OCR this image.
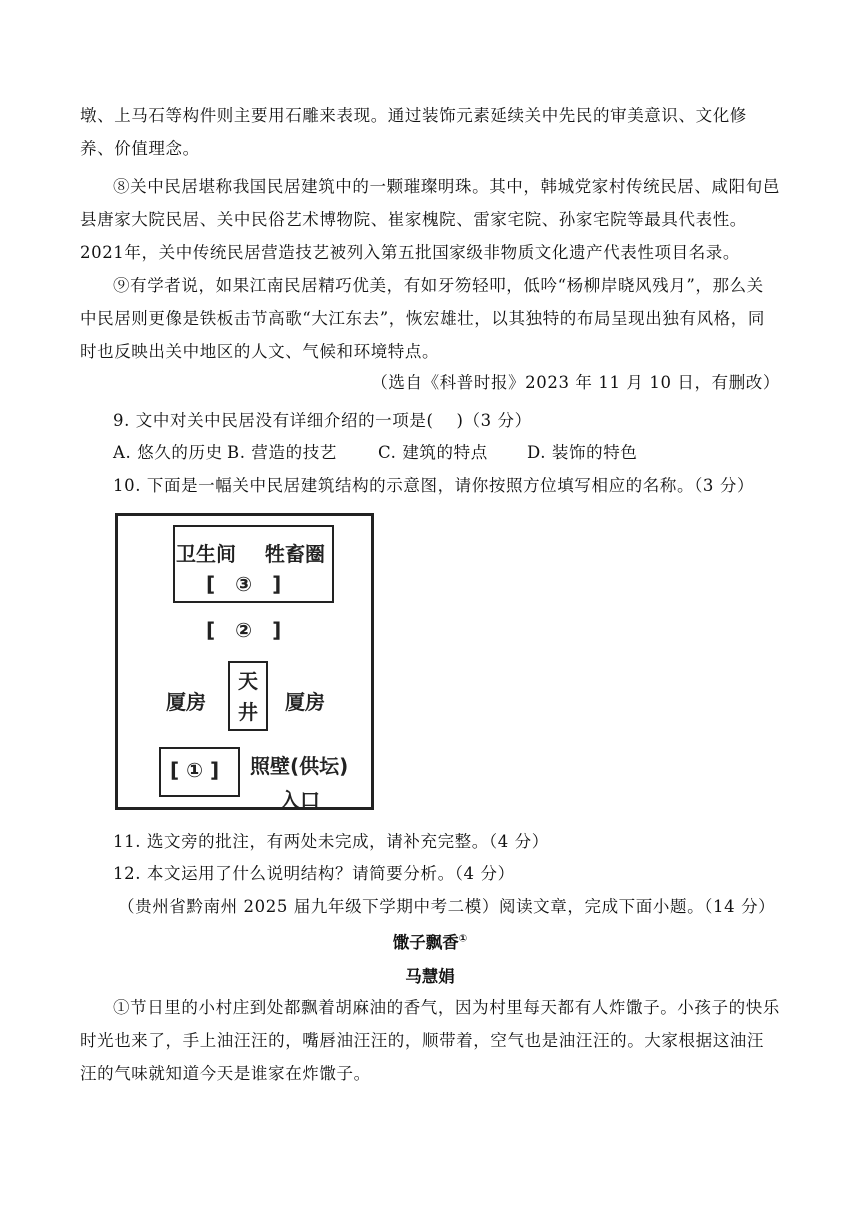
墩、上马石等构件则主要用石雕来表现。通过装饰元素延续关中先民的审美意识、文化修养、价值理念。

⑧关中民居堪称我国民居建筑中的一颗璀璨明珠。其中，韩城党家村传统民居、咸阳旬邑县唐家大院民居、关中民俗艺术博物院、崔家槐院、雷家宅院、孙家宅院等最具代表性。2021年，关中传统民居营造技艺被列入第五批国家级非物质文化遗产代表性项目名录。

⑨有学者说，如果江南民居精巧优美，有如牙笏轻叩，低吟“杨柳岸晓风残月”，那么关中民居则更像是铁板击节高歌“大江东去”，恢宏雄壮，以其独特的布局呈现出独有风格，同时也反映出关中地区的人文、气候和环境特点。

（选自《科普时报》2023 年 11 月 10 日，有删改）
9. 文中对关中民居没有详细介绍的一项是(　 )（3 分）
A. 悠久的历史 B. 营造的技艺 C. 建筑的特点 D. 装饰的特色
10. 下面是一幅关中民居建筑结构的示意图，请你按照方位填写相应的名称。（3 分）
卫生间 牲畜圈
[　③　]
[　②　]
厦房
天
井 厦房
[ ① ] 照壁(供坛)
入口
11. 选文旁的批注，有两处未完成，请补充完整。（4 分）
12. 本文运用了什么说明结构？请简要分析。（4 分）
（贵州省黔南州 2025 届九年级下学期中考二模）阅读文章，完成下面小题。（14 分）
馓子飘香①
马慧娟

①节日里的小村庄到处都飘着胡麻油的香气，因为村里每天都有人炸馓子。小孩子的快乐时光也来了，手上油汪汪的，嘴唇油汪汪的，顺带着，空气也是油汪汪的。大家根据这油汪汪的气味就知道今天是谁家在炸馓子。
